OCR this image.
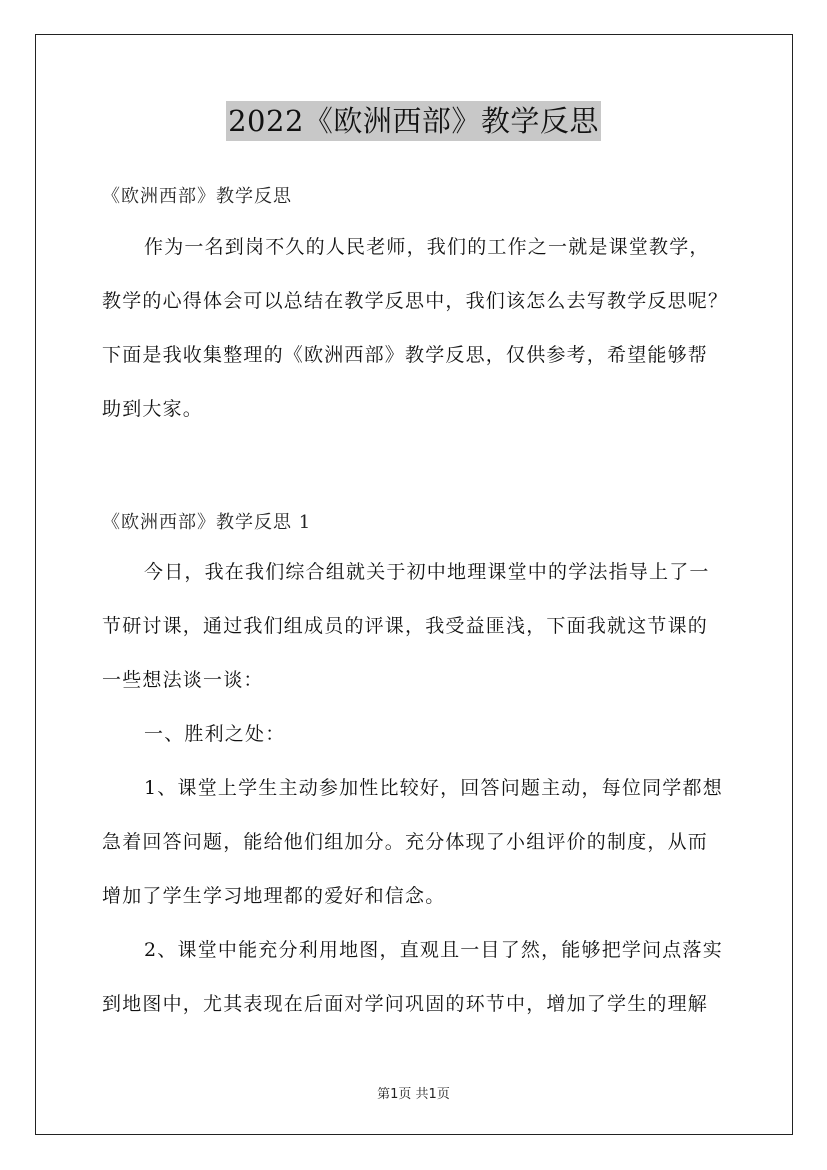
2022《欧洲西部》教学反思
《欧洲西部》教学反思
作为一名到岗不久的人民老师，我们的工作之一就是课堂教学，
教学的心得体会可以总结在教学反思中，我们该怎么去写教学反思呢？
下面是我收集整理的《欧洲西部》教学反思，仅供参考，希望能够帮
助到大家。
《欧洲西部》教学反思 1
今日，我在我们综合组就关于初中地理课堂中的学法指导上了一
节研讨课，通过我们组成员的评课，我受益匪浅，下面我就这节课的
一些想法谈一谈：
一、胜利之处：
1、课堂上学生主动参加性比较好，回答问题主动，每位同学都想
急着回答问题，能给他们组加分。充分体现了小组评价的制度，从而
增加了学生学习地理都的爱好和信念。
2、课堂中能充分利用地图，直观且一目了然，能够把学问点落实
到地图中，尤其表现在后面对学问巩固的环节中，增加了学生的理解
第1页 共1页
